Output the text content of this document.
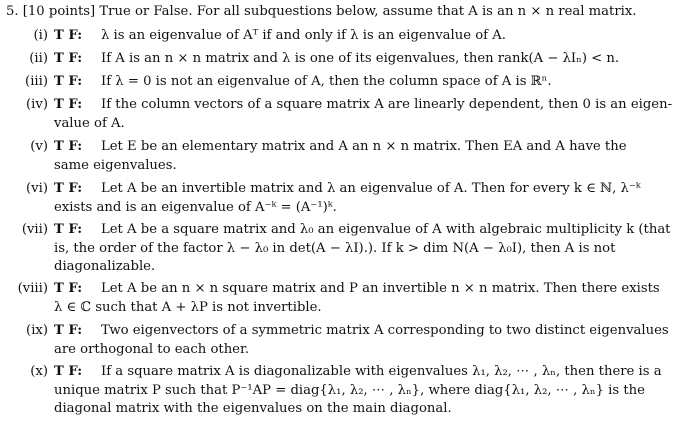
5. [10 points] True or False. For all subquestions below, assume that A is an n × n real matrix.
(i) T F: λ is an eigenvalue of Aᵀ if and only if λ is an eigenvalue of A.
(ii) T F: If A is an n × n matrix and λ is one of its eigenvalues, then rank(A − λIₙ) < n.
(iii) T F: If λ = 0 is not an eigenvalue of A, then the column space of A is ℝⁿ.
(iv) T F: If the column vectors of a square matrix A are linearly dependent, then 0 is an eigen-
value of A.
(v) T F: Let E be an elementary matrix and A an n × n matrix. Then EA and A have the
same eigenvalues.
(vi) T F: Let A be an invertible matrix and λ an eigenvalue of A. Then for every k ∈ ℕ, λ⁻ᵏ
exists and is an eigenvalue of A⁻ᵏ = (A⁻¹)ᵏ.
(vii) T F: Let A be a square matrix and λ₀ an eigenvalue of A with algebraic multiplicity k (that
is, the order of the factor λ − λ₀ in det(A − λI).). If k > dim N(A − λ₀I), then A is not
diagonalizable.
(viii) T F: Let A be an n × n square matrix and P an invertible n × n matrix. Then there exists
λ ∈ ℂ such that A + λP is not invertible.
(ix) T F: Two eigenvectors of a symmetric matrix A corresponding to two distinct eigenvalues
are orthogonal to each other.
(x) T F: If a square matrix A is diagonalizable with eigenvalues λ₁, λ₂, ⋯ , λₙ, then there is a
unique matrix P such that P⁻¹AP = diag{λ₁, λ₂, ⋯ , λₙ}, where diag{λ₁, λ₂, ⋯ , λₙ} is the
diagonal matrix with the eigenvalues on the main diagonal.
